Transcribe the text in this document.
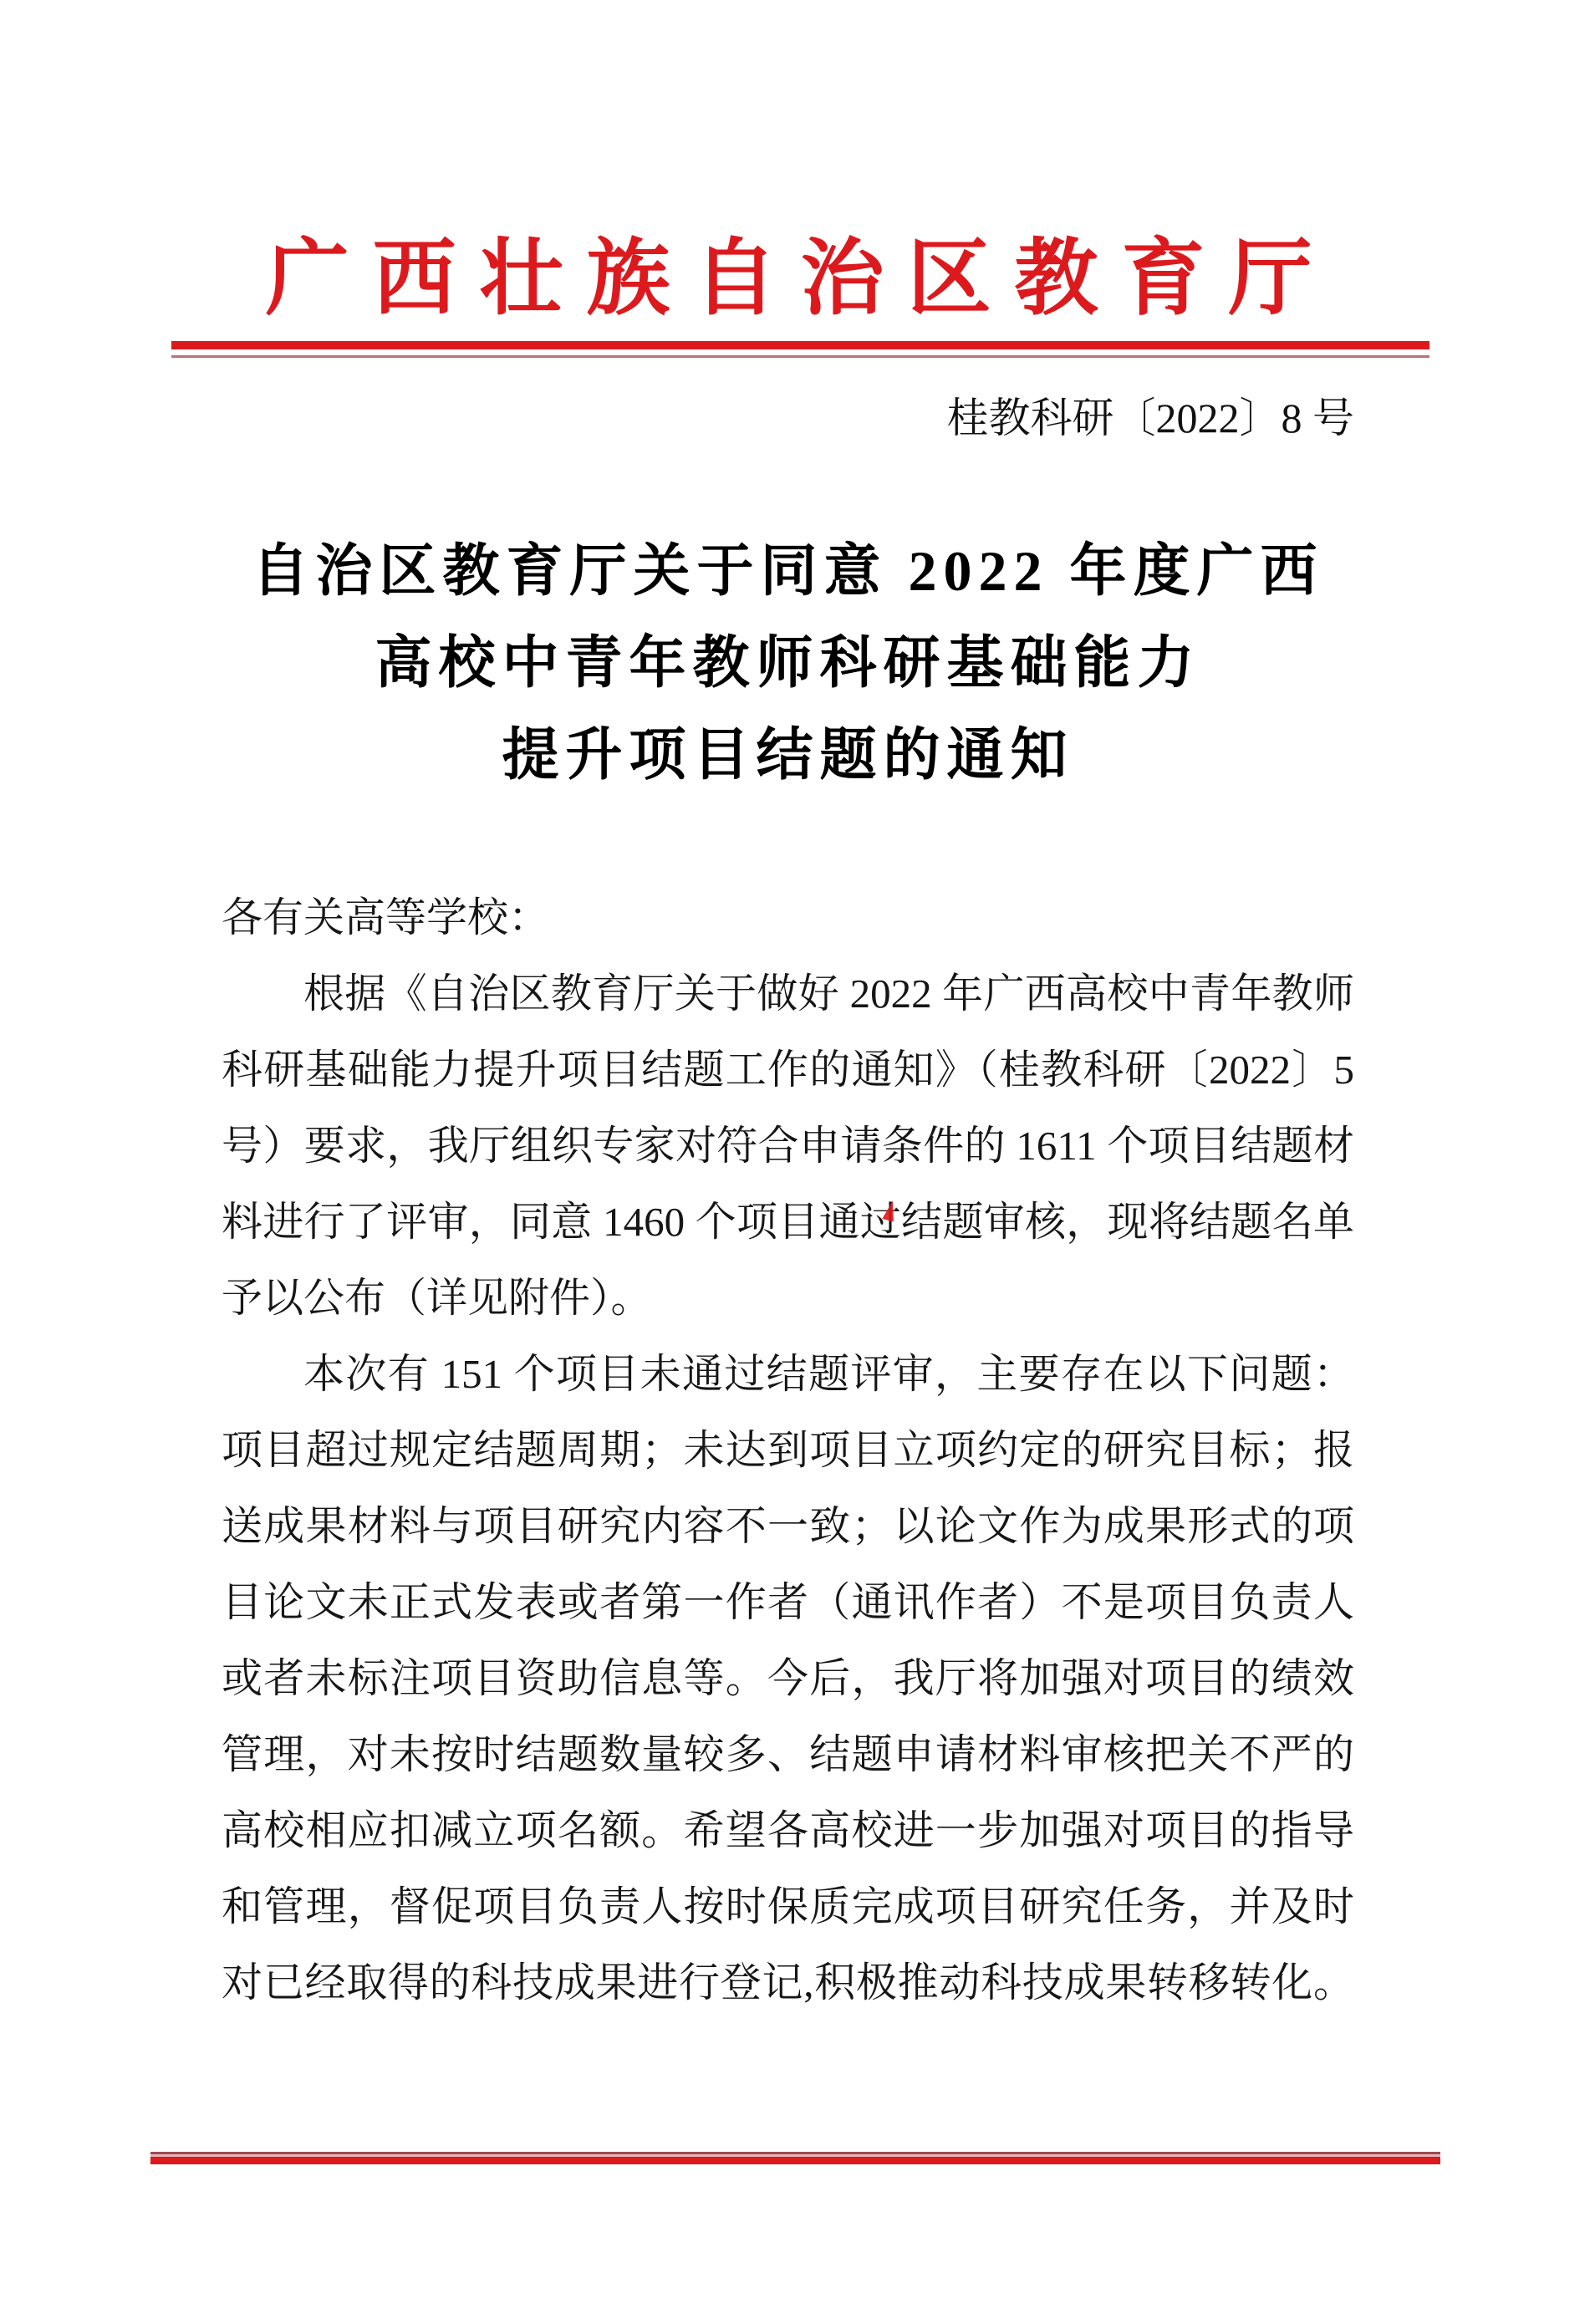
广西壮族自治区教育厅
桂教科研〔2022〕8 号
自治区教育厅关于同意 2022 年度广西
高校中青年教师科研基础能力
提升项目结题的通知
各有关高等学校：
根据《自治区教育厅关于做好 2022 年广西高校中青年教师
科研基础能力提升项目结题工作的通知》（桂教科研〔2022〕5
号）要求，我厅组织专家对符合申请条件的 1611 个项目结题材
料进行了评审，同意 1460 个项目通过结题审核，现将结题名单
予以公布（详见附件）。
本次有 151 个项目未通过结题评审，主要存在以下问题：
项目超过规定结题周期；未达到项目立项约定的研究目标；报
送成果材料与项目研究内容不一致；以论文作为成果形式的项
目论文未正式发表或者第一作者（通讯作者）不是项目负责人
或者未标注项目资助信息等。今后，我厅将加强对项目的绩效
管理，对未按时结题数量较多、结题申请材料审核把关不严的
高校相应扣减立项名额。希望各高校进一步加强对项目的指导
和管理，督促项目负责人按时保质完成项目研究任务，并及时
对已经取得的科技成果进行登记,积极推动科技成果转移转化。
